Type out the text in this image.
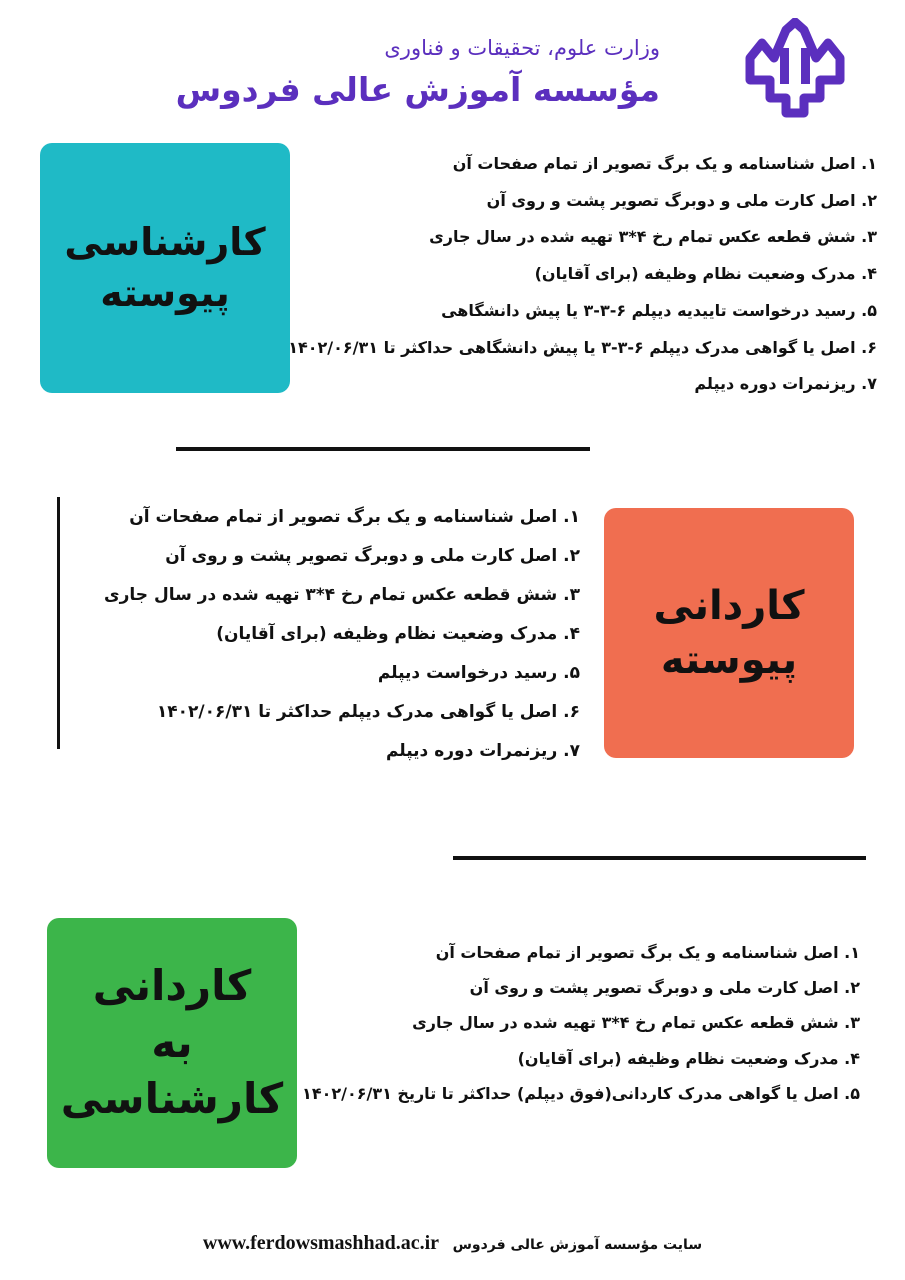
وزارت علوم، تحقیقات و فناوری
مؤسسه آموزش عالی فردوس
کارشناسی
پیوسته
۱. اصل شناسنامه و یک برگ تصویر از تمام صفحات آن
۲. اصل کارت ملی و دوبرگ تصویر پشت و روی آن
۳. شش قطعه عکس تمام رخ ۴*۳ تهیه شده در سال جاری
۴. مدرک وضعیت نظام وظیفه (برای آقایان)
۵. رسید درخواست تاییدیه دیپلم ۶-۳-۳ یا پیش دانشگاهی
۶. اصل یا گواهی مدرک دیپلم ۶-۳-۳ یا پیش دانشگاهی حداکثر تا ۱۴۰۲/۰۶/۳۱
۷. ریزنمرات دوره دیپلم
۱. اصل شناسنامه و یک برگ تصویر از تمام صفحات آن
۲. اصل کارت ملی و دوبرگ تصویر پشت و روی آن
۳. شش قطعه عکس تمام رخ ۴*۳ تهیه شده در سال جاری
۴. مدرک وضعیت نظام وظیفه (برای آقایان)
۵. رسید درخواست دیپلم
۶. اصل یا گواهی مدرک دیپلم حداکثر تا ۱۴۰۲/۰۶/۳۱
۷. ریزنمرات دوره دیپلم
کاردانی
پیوسته
کاردانی
به کارشناسی
۱. اصل شناسنامه و یک برگ تصویر از تمام صفحات آن
۲. اصل کارت ملی و دوبرگ تصویر پشت و روی آن
۳. شش قطعه عکس تمام رخ ۴*۳ تهیه شده در سال جاری
۴. مدرک وضعیت نظام وظیفه (برای آقایان)
۵. اصل یا گواهی مدرک کاردانی(فوق دیپلم) حداکثر تا تاریخ ۱۴۰۲/۰۶/۳۱
www.ferdowsmashhad.ac.ir سایت مؤسسه آموزش عالی فردوس
